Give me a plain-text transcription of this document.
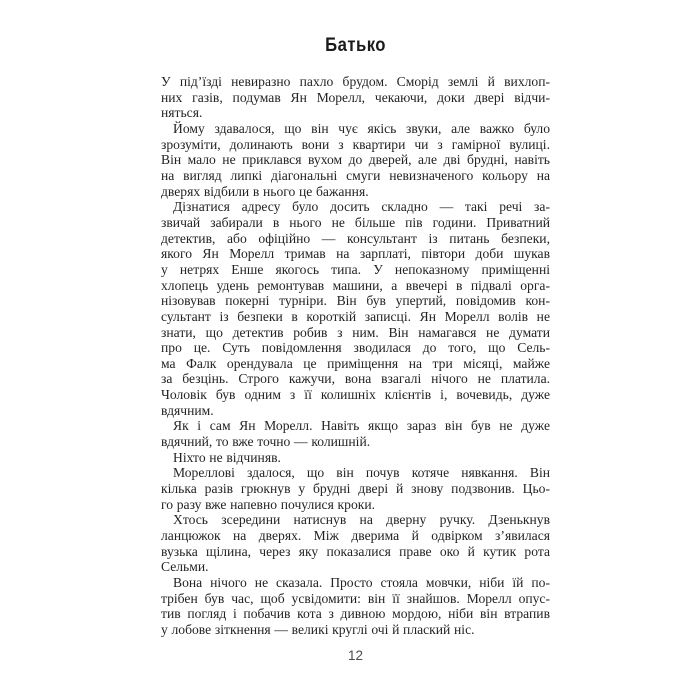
Батько
У під’їзді невиразно пахло брудом. Сморід землі й вихлоп-
них газів, подумав Ян Морелл, чекаючи, доки двері відчи-
няться.
Йому здавалося, що він чує якісь звуки, але важко було
зрозуміти, долинають вони з квартири чи з гамірної вулиці.
Він мало не приклався вухом до дверей, але дві брудні, навіть
на вигляд липкі діагональні смуги невизначеного кольору на
дверях відбили в нього це бажання.
Дізнатися адресу було досить складно — такі речі за-
звичай забирали в нього не більше пів години. Приватний
детектив, або офіційно — консультант із питань безпеки,
якого Ян Морелл тримав на зарплаті, півтори доби шукав
у нетрях Енше якогось типа. У непоказному приміщенні
хлопець удень ремонтував машини, а ввечері в підвалі орга-
нізовував покерні турніри. Він був упертий, повідомив кон-
сультант із безпеки в короткій записці. Ян Морелл волів не
знати, що детектив робив з ним. Він намагався не думати
про це. Суть повідомлення зводилася до того, що Сель-
ма Фалк орендувала це приміщення на три місяці, майже
за безцінь. Строго кажучи, вона взагалі нічого не платила.
Чоловік був одним з її колишніх клієнтів і, вочевидь, дуже
вдячним.
Як і сам Ян Морелл. Навіть якщо зараз він був не дуже
вдячний, то вже точно — колишній.
Ніхто не відчиняв.
Мореллові здалося, що він почув котяче нявкання. Він
кілька разів грюкнув у брудні двері й знову подзвонив. Цьо-
го разу вже напевно почулися кроки.
Хтось зсередини натиснув на дверну ручку. Дзенькнув
ланцюжок на дверях. Між дверима й одвірком з’явилася
вузька щілина, через яку показалися праве око й кутик рота
Сельми.
Вона нічого не сказала. Просто стояла мовчки, ніби їй по-
трібен був час, щоб усвідомити: він її знайшов. Морелл опус-
тив погляд і побачив кота з дивною мордою, ніби він втрапив
у лобове зіткнення — великі круглі очі й плаский ніс.
12
